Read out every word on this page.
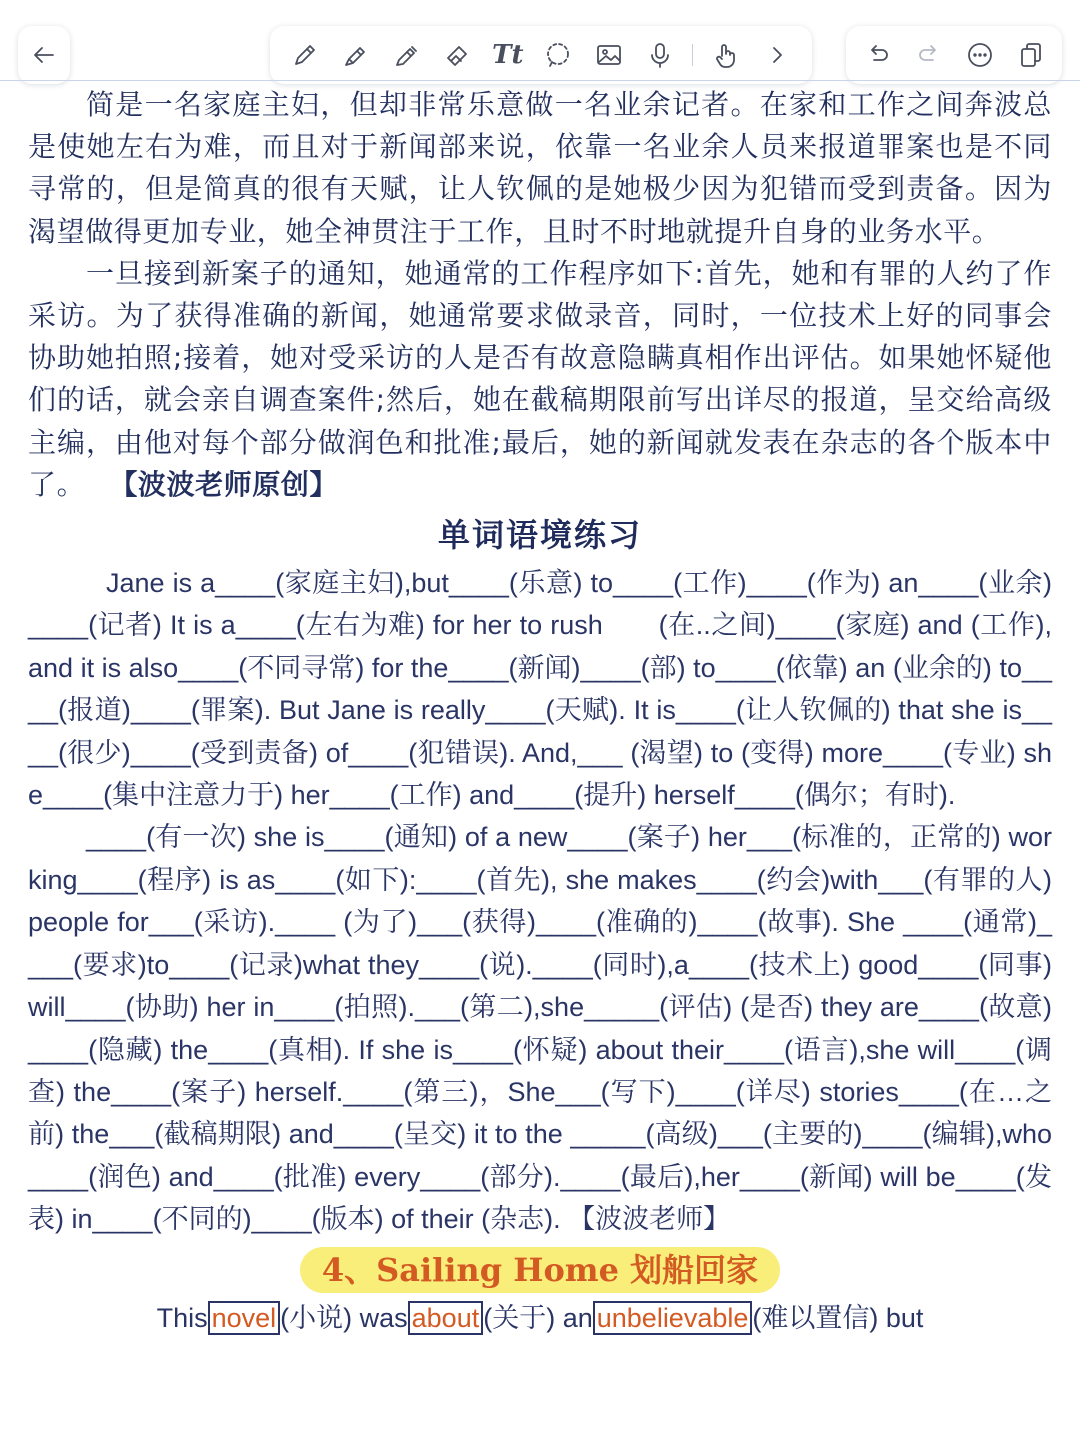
Tt

简是一名家庭主妇，但却非常乐意做一名业余记者。在家和工作之间奔波总是使她左右为难，而且对于新闻部来说，依靠一名业余人员来报道罪案也是不同寻常的，但是简真的很有天赋，让人钦佩的是她极少因为犯错而受到责备。因为渴望做得更加专业，她全神贯注于工作，且时不时地就提升自身的业务水平。

一旦接到新案子的通知，她通常的工作程序如下:首先，她和有罪的人约了作采访。为了获得准确的新闻，她通常要求做录音，同时，一位技术上好的同事会协助她拍照;接着，她对受采访的人是否有故意隐瞒真相作出评估。如果她怀疑他们的话，就会亲自调查案件;然后，她在截稿期限前写出详尽的报道，呈交给高级主编，由他对每个部分做润色和批准;最后，她的新闻就发表在杂志的各个版本中了。　 【波波老师原创】

单词语境练习

Jane is a____(家庭主妇),but____(乐意) to____(工作)____(作为) an____(业余)____(记者) It is a____(左右为难) for her to rush　　(在..之间)____(家庭) and (工作), and it is also____(不同寻常) for the____(新闻)____(部) to____(依靠) an (业余的) to____(报道)____(罪案). But Jane is really____(天赋). It is____(让人钦佩的) that she is____(很少)____(受到责备) of____(犯错误). And,___ (渴望) to (变得) more____(专业) she____(集中注意力于) her____(工作) and____(提升) herself____(偶尔；有时).

____(有一次) she is____(通知) of a new____(案子) her___(标准的，正常的) working____(程序) is as____(如下):____(首先), she makes____(约会)with___(有罪的人) people for___(采访).____ (为了)___(获得)____(准确的)____(故事). She ____(通常)____(要求)to____(记录)what they____(说).____(同时),a____(技术上) good____(同事) will____(协助) her in____(拍照).___(第二),she_____(评估) (是否) they are____(故意)____(隐藏) the____(真相). If she is____(怀疑) about their____(语言),she will____(调查) the____(案子) herself.____(第三)，She___(写下)____(详尽) stories____(在…之前) the___(截稿期限) and____(呈交) it to the _____(高级)___(主要的)____(编辑),who____(润色) and____(批准) every____(部分).____(最后),her____(新闻) will be____(发表) in____(不同的)____(版本) of their (杂志). 【波波老师】

4、Sailing Home 划船回家

This novel (小说) was about (关于) an unbelievable (难以置信) but
